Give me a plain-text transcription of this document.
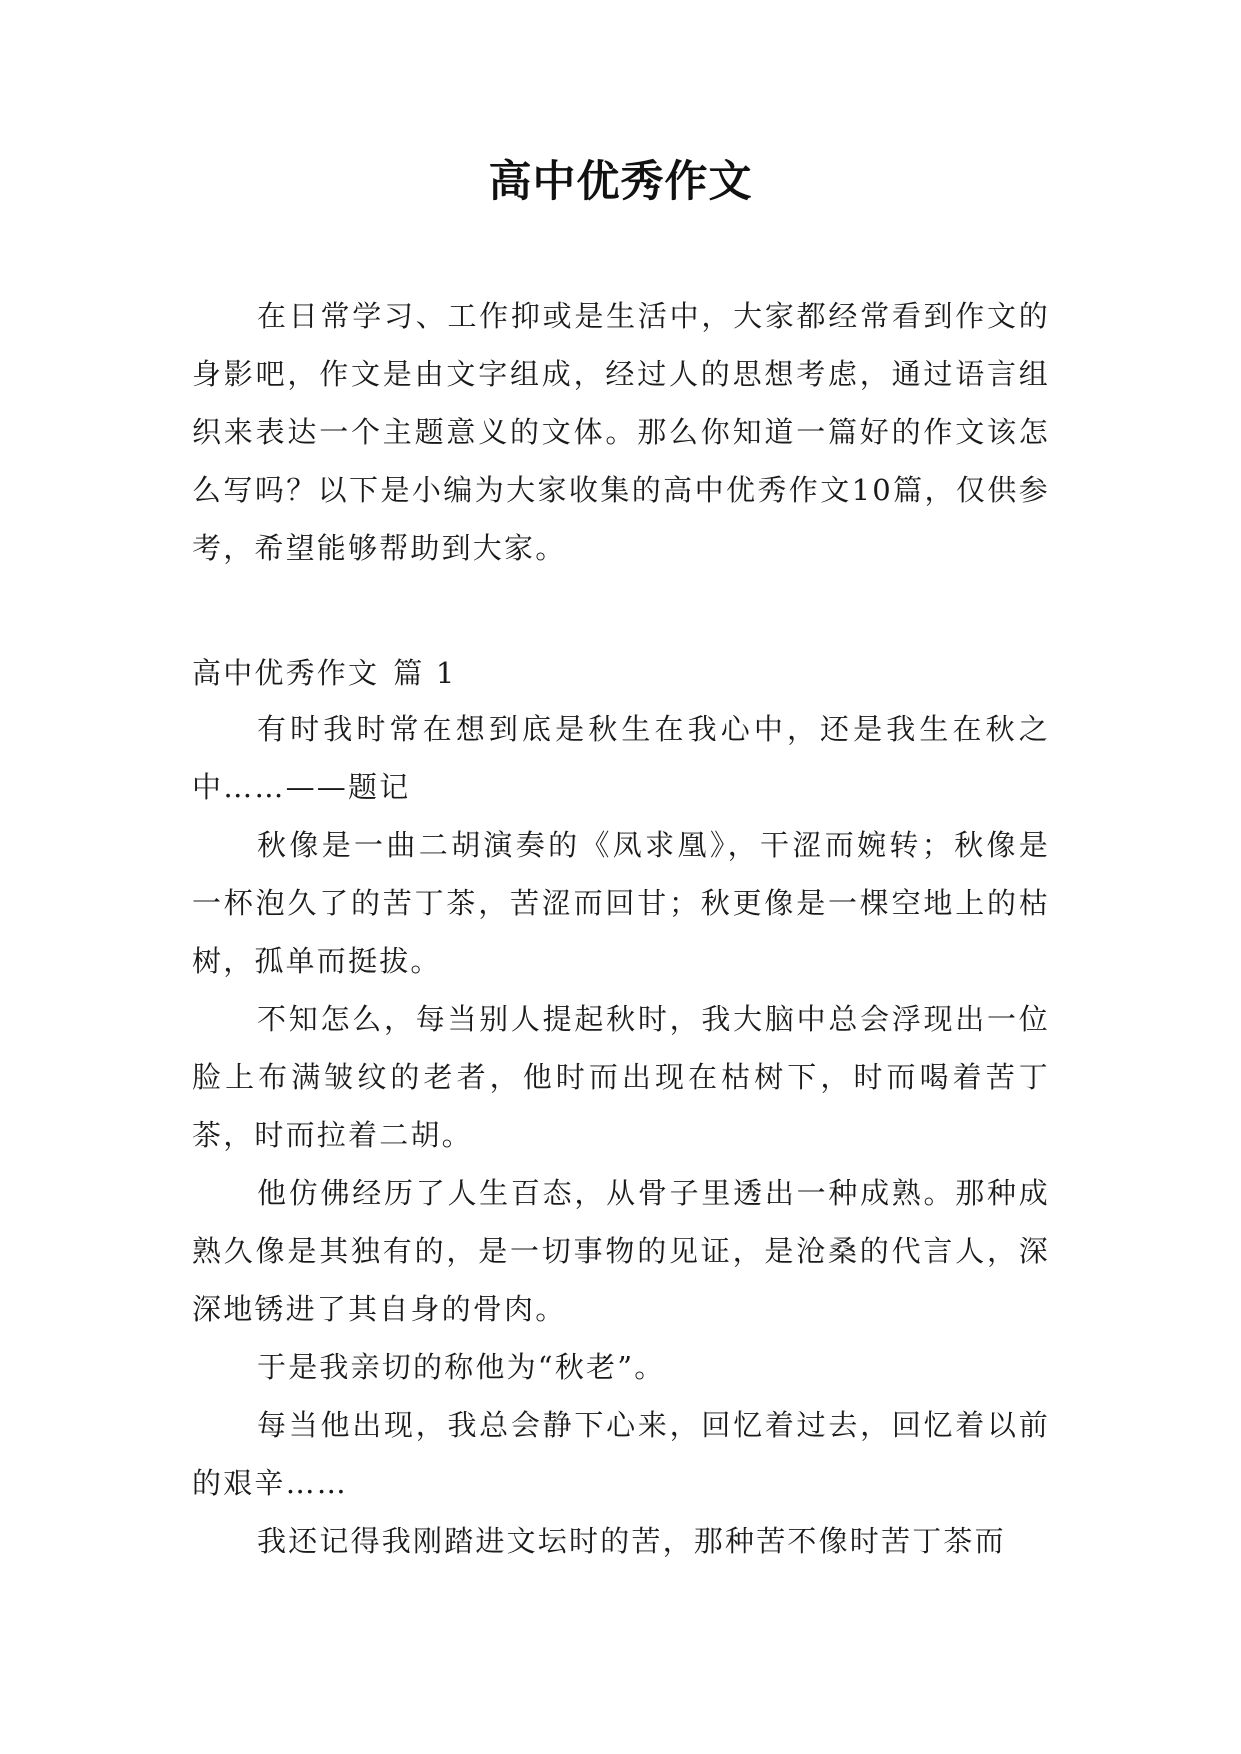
高中优秀作文

在日常学习、工作抑或是生活中，大家都经常看到作文的身影吧，作文是由文字组成，经过人的思想考虑，通过语言组织来表达一个主题意义的文体。那么你知道一篇好的作文该怎么写吗？以下是小编为大家收集的高中优秀作文10篇，仅供参考，希望能够帮助到大家。

高中优秀作文 篇 1

有时我时常在想到底是秋生在我心中，还是我生在秋之中……——题记

秋像是一曲二胡演奏的《凤求凰》，干涩而婉转；秋像是一杯泡久了的苦丁茶，苦涩而回甘；秋更像是一棵空地上的枯树，孤单而挺拔。

不知怎么，每当别人提起秋时，我大脑中总会浮现出一位脸上布满皱纹的老者，他时而出现在枯树下，时而喝着苦丁茶，时而拉着二胡。

他仿佛经历了人生百态，从骨子里透出一种成熟。那种成熟久像是其独有的，是一切事物的见证，是沧桑的代言人，深深地锈进了其自身的骨肉。

于是我亲切的称他为“秋老”。

每当他出现，我总会静下心来，回忆着过去，回忆着以前的艰辛……

我还记得我刚踏进文坛时的苦，那种苦不像时苦丁茶而
